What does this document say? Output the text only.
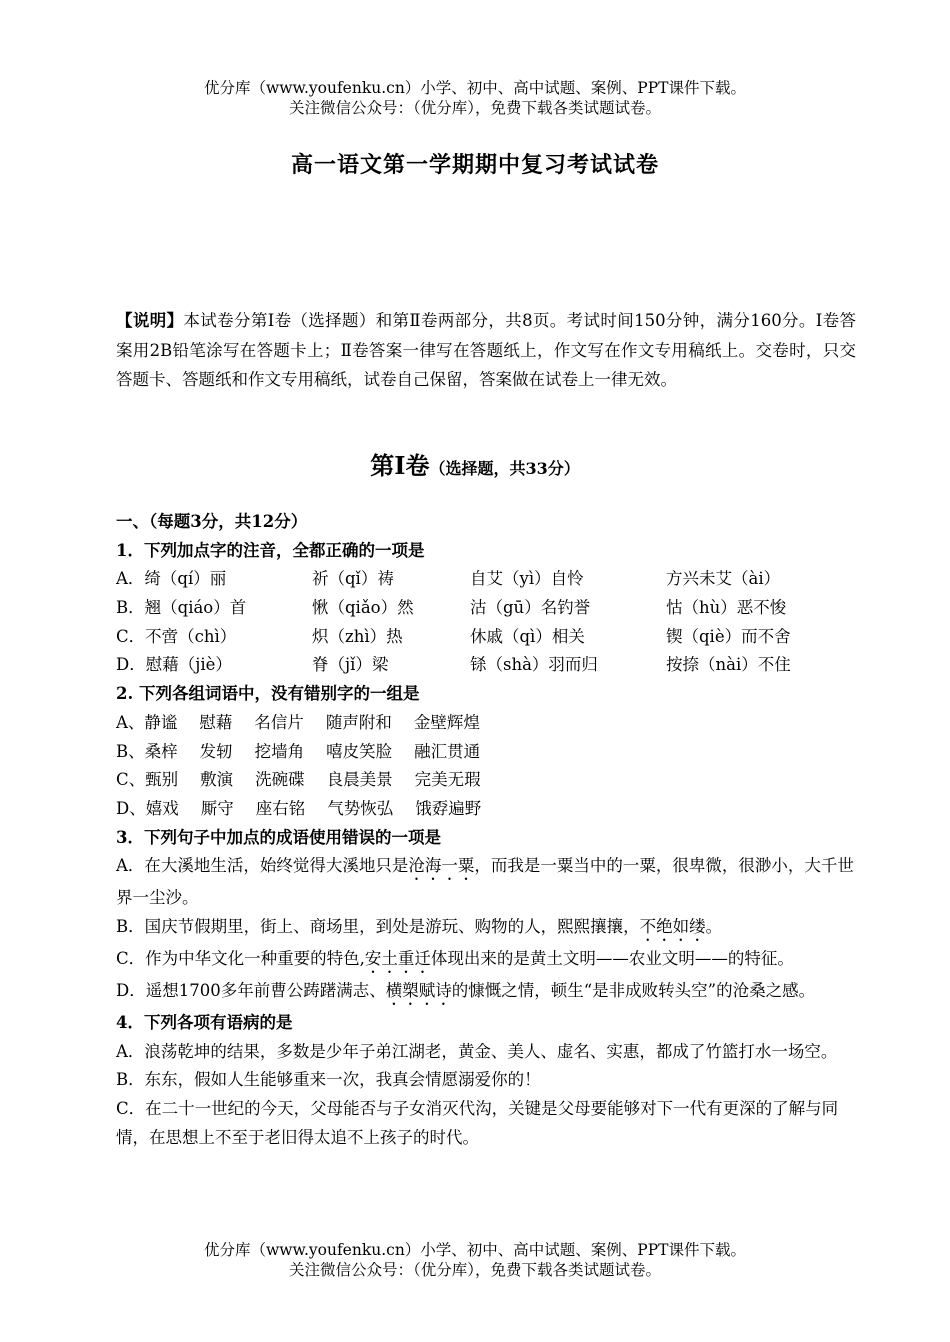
优分库（www.youfenku.cn）小学、初中、高中试题、案例、PPT课件下载。
关注微信公众号：（优分库），免费下载各类试题试卷。
高一语文第一学期期中复习考试试卷
【说明】本试卷分第Ⅰ卷（选择题）和第Ⅱ卷两部分，共8页。考试时间150分钟，满分160分。Ⅰ卷答案用2B铅笔涂写在答题卡上；Ⅱ卷答案一律写在答题纸上，作文写在作文专用稿纸上。交卷时，只交答题卡、答题纸和作文专用稿纸，试卷自己保留，答案做在试卷上一律无效。
第Ⅰ卷（选择题，共33分）
一、（每题3分，共12分）
1．下列加点字的注音，全都正确的一项是
A．绮（qí）丽	祈（qǐ）祷	自艾（yì）自怜	方兴未艾（ài）
B．翘（qiáo）首	愀（qiǎo）然	沽（gū）名钓誉	怙（hù）恶不悛
C．不啻（chì）	炽（zhì）热	休戚（qì）相关	锲（qiè）而不舍
D．慰藉（jiè）	脊（jǐ）梁	铩（shà）羽而归	按捺（nài）不住
2. 下列各组词语中，没有错别字的一组是
A、静谧 慰藉 名信片 随声附和 金壁辉煌
B、桑梓 发轫 挖墙角 嘻皮笑脸 融汇贯通
C、甄别 敷演 洗碗碟 良晨美景 完美无瑕
D、嬉戏 厮守 座右铭 气势恢弘 饿孬遍野
3．下列句子中加点的成语使用错误的一项是
A．在大溪地生活，始终觉得大溪地只是沧海一粟，而我是一粟当中的一粟，很卑微，很渺小，大千世界一尘沙。
B．国庆节假期里，街上、商场里，到处是游玩、购物的人，熙熙攘攘，不绝如缕。
C．作为中华文化一种重要的特色,安土重迁体现出来的是黄土文明——农业文明——的特征。
D．遥想1700多年前曹公踌躇满志、横槊赋诗的慷慨之情，顿生“是非成败转头空”的沧桑之感。
4．下列各项有语病的是
A．浪荡乾坤的结果，多数是少年子弟江湖老，黄金、美人、虚名、实惠，都成了竹篮打水一场空。
B．东东，假如人生能够重来一次，我真会情愿溺爱你的！
C．在二十一世纪的今天，父母能否与子女消灭代沟，关键是父母要能够对下一代有更深的了解与同情，在思想上不至于老旧得太追不上孩子的时代。
优分库（www.youfenku.cn）小学、初中、高中试题、案例、PPT课件下载。
关注微信公众号：（优分库），免费下载各类试题试卷。
